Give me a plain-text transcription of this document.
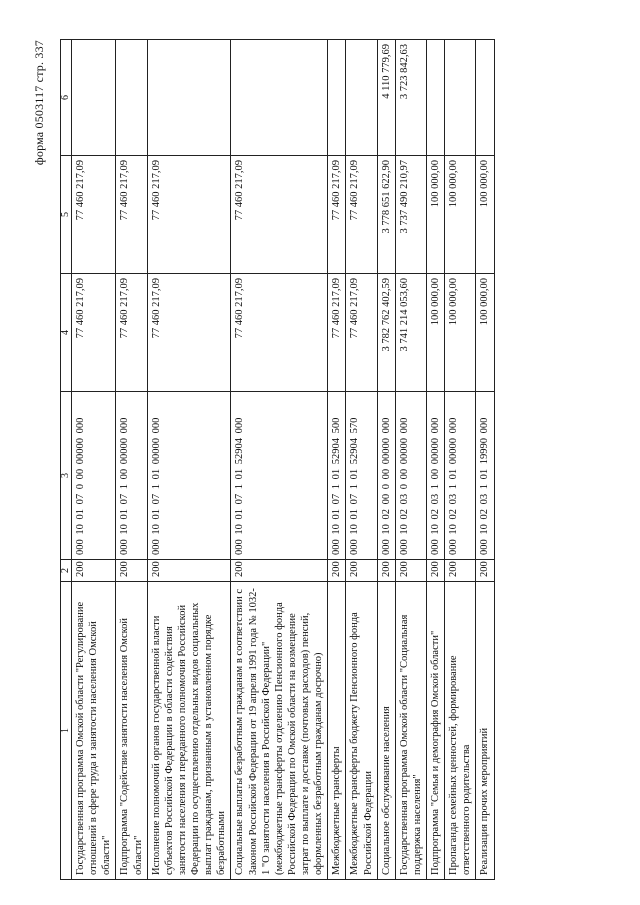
форма 0503117 стр. 337
1	2	3	4	5	6
Государственная программа Омской области "Регулирование отношений в сфере труда и занятости населения Омской области"	200	000 10 01 07 0 00 00000 000	77 460 217,09	77 460 217,09	
Подпрограмма "Содействие занятости населения Омской области"	200	000 10 01 07 1 00 00000 000	77 460 217,09	77 460 217,09	
Исполнение полномочий органов государственной власти субъектов Российской Федерации в области содействия занятости населения и переданного полномочия Российской Федерации по осуществлению отдельных видов социальных выплат гражданам, признанным в установленном порядке безработными	200	000 10 01 07 1 01 00000 000	77 460 217,09	77 460 217,09	
Социальные выплаты безработным гражданам в соответствии с Законом Российской Федерации от 19 апреля 1991 года № 1032-1 "О занятости населения в Российской Федерации" (межбюджетные трансферты отделению Пенсионного фонда Российской Федерации по Омской области на возмещение затрат по выплате и доставке (почтовых расходов) пенсий, оформленных безработным гражданам досрочно)	200	000 10 01 07 1 01 52904 000	77 460 217,09	77 460 217,09	
Межбюджетные трансферты	200	000 10 01 07 1 01 52904 500	77 460 217,09	77 460 217,09	
Межбюджетные трансферты бюджету Пенсионного фонда Российской Федерации	200	000 10 01 07 1 01 52904 570	77 460 217,09	77 460 217,09	
Социальное обслуживание населения	200	000 10 02 00 0 00 00000 000	3 782 762 402,59	3 778 651 622,90	4 110 779,69
Государственная программа Омской области "Социальная поддержка населения"	200	000 10 02 03 0 00 00000 000	3 741 214 053,60	3 737 490 210,97	3 723 842,63
Подпрограмма "Семья и демография Омской области"	200	000 10 02 03 1 00 00000 000	100 000,00	100 000,00	
Пропаганда семейных ценностей, формирование ответственного родительства	200	000 10 02 03 1 01 00000 000	100 000,00	100 000,00	
Реализация прочих мероприятий	200	000 10 02 03 1 01 19990 000	100 000,00	100 000,00	
